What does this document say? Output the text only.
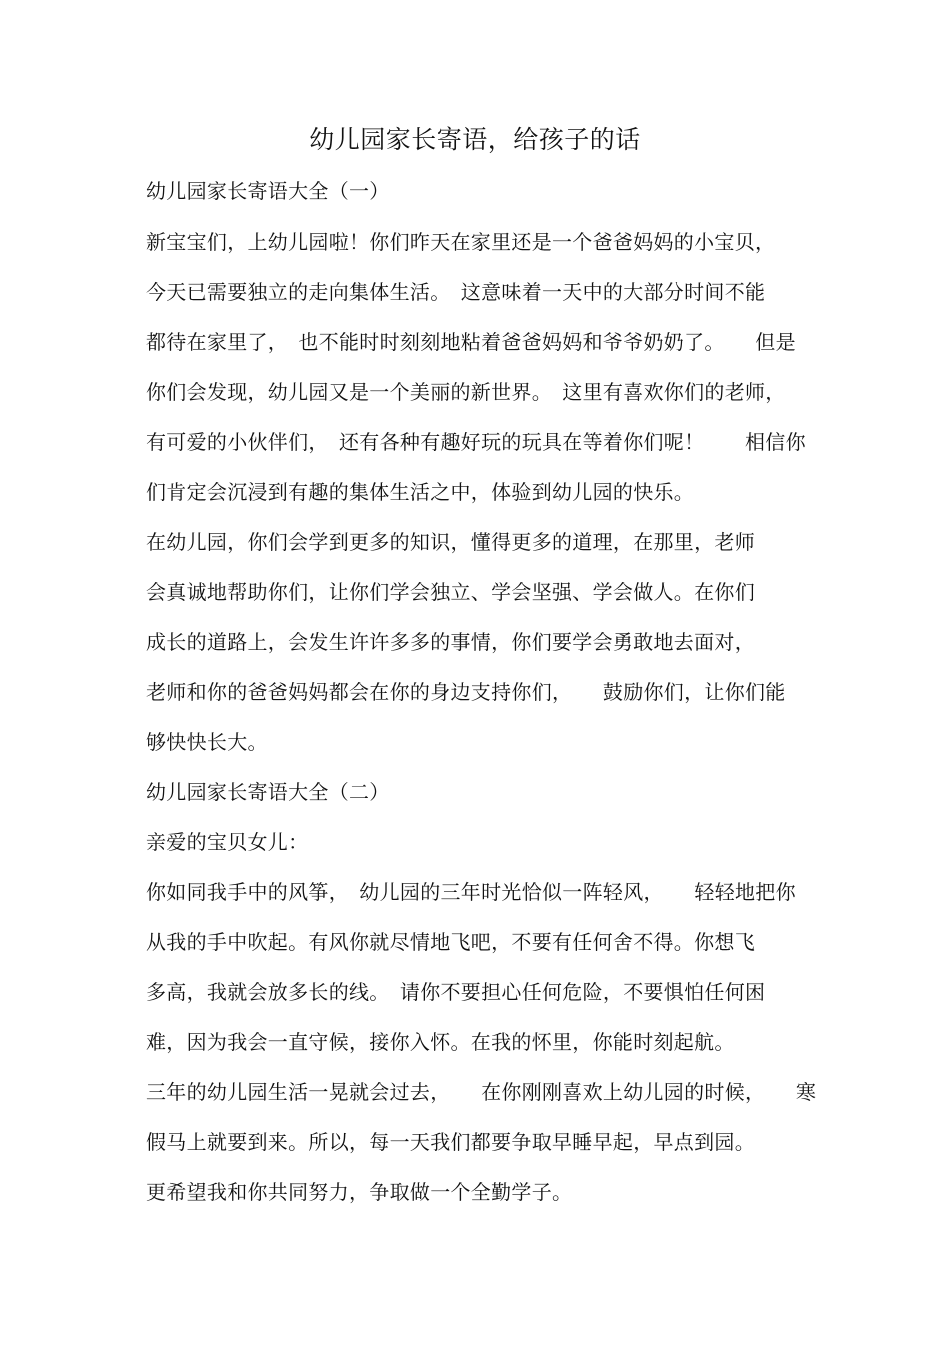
幼儿园家长寄语，给孩子的话
幼儿园家长寄语大全（一）
新宝宝们，上幼儿园啦！你们昨天在家里还是一个爸爸妈妈的小宝贝，
今天已需要独立的走向集体生活。　这意味着一天中的大部分时间不能
都待在家里了，　也不能时时刻刻地粘着爸爸妈妈和爷爷奶奶了。　　但是
你们会发现，幼儿园又是一个美丽的新世界。　这里有喜欢你们的老师，
有可爱的小伙伴们，　还有各种有趣好玩的玩具在等着你们呢！　　相信你
们肯定会沉浸到有趣的集体生活之中，体验到幼儿园的快乐。
在幼儿园，你们会学到更多的知识，懂得更多的道理，在那里，老师
会真诚地帮助你们，让你们学会独立、学会坚强、学会做人。在你们
成长的道路上，会发生许许多多的事情，你们要学会勇敢地去面对，
老师和你的爸爸妈妈都会在你的身边支持你们，　　鼓励你们，让你们能
够快快长大。
幼儿园家长寄语大全（二）
亲爱的宝贝女儿：
你如同我手中的风筝，　幼儿园的三年时光恰似一阵轻风，　　轻轻地把你
从我的手中吹起。有风你就尽情地飞吧，不要有任何舍不得。你想飞
多高，我就会放多长的线。　请你不要担心任何危险，不要惧怕任何困
难，因为我会一直守候，接你入怀。在我的怀里，你能时刻起航。
三年的幼儿园生活一晃就会过去，　　在你刚刚喜欢上幼儿园的时候，　　寒
假马上就要到来。所以，每一天我们都要争取早睡早起，早点到园。
更希望我和你共同努力，争取做一个全勤学子。
